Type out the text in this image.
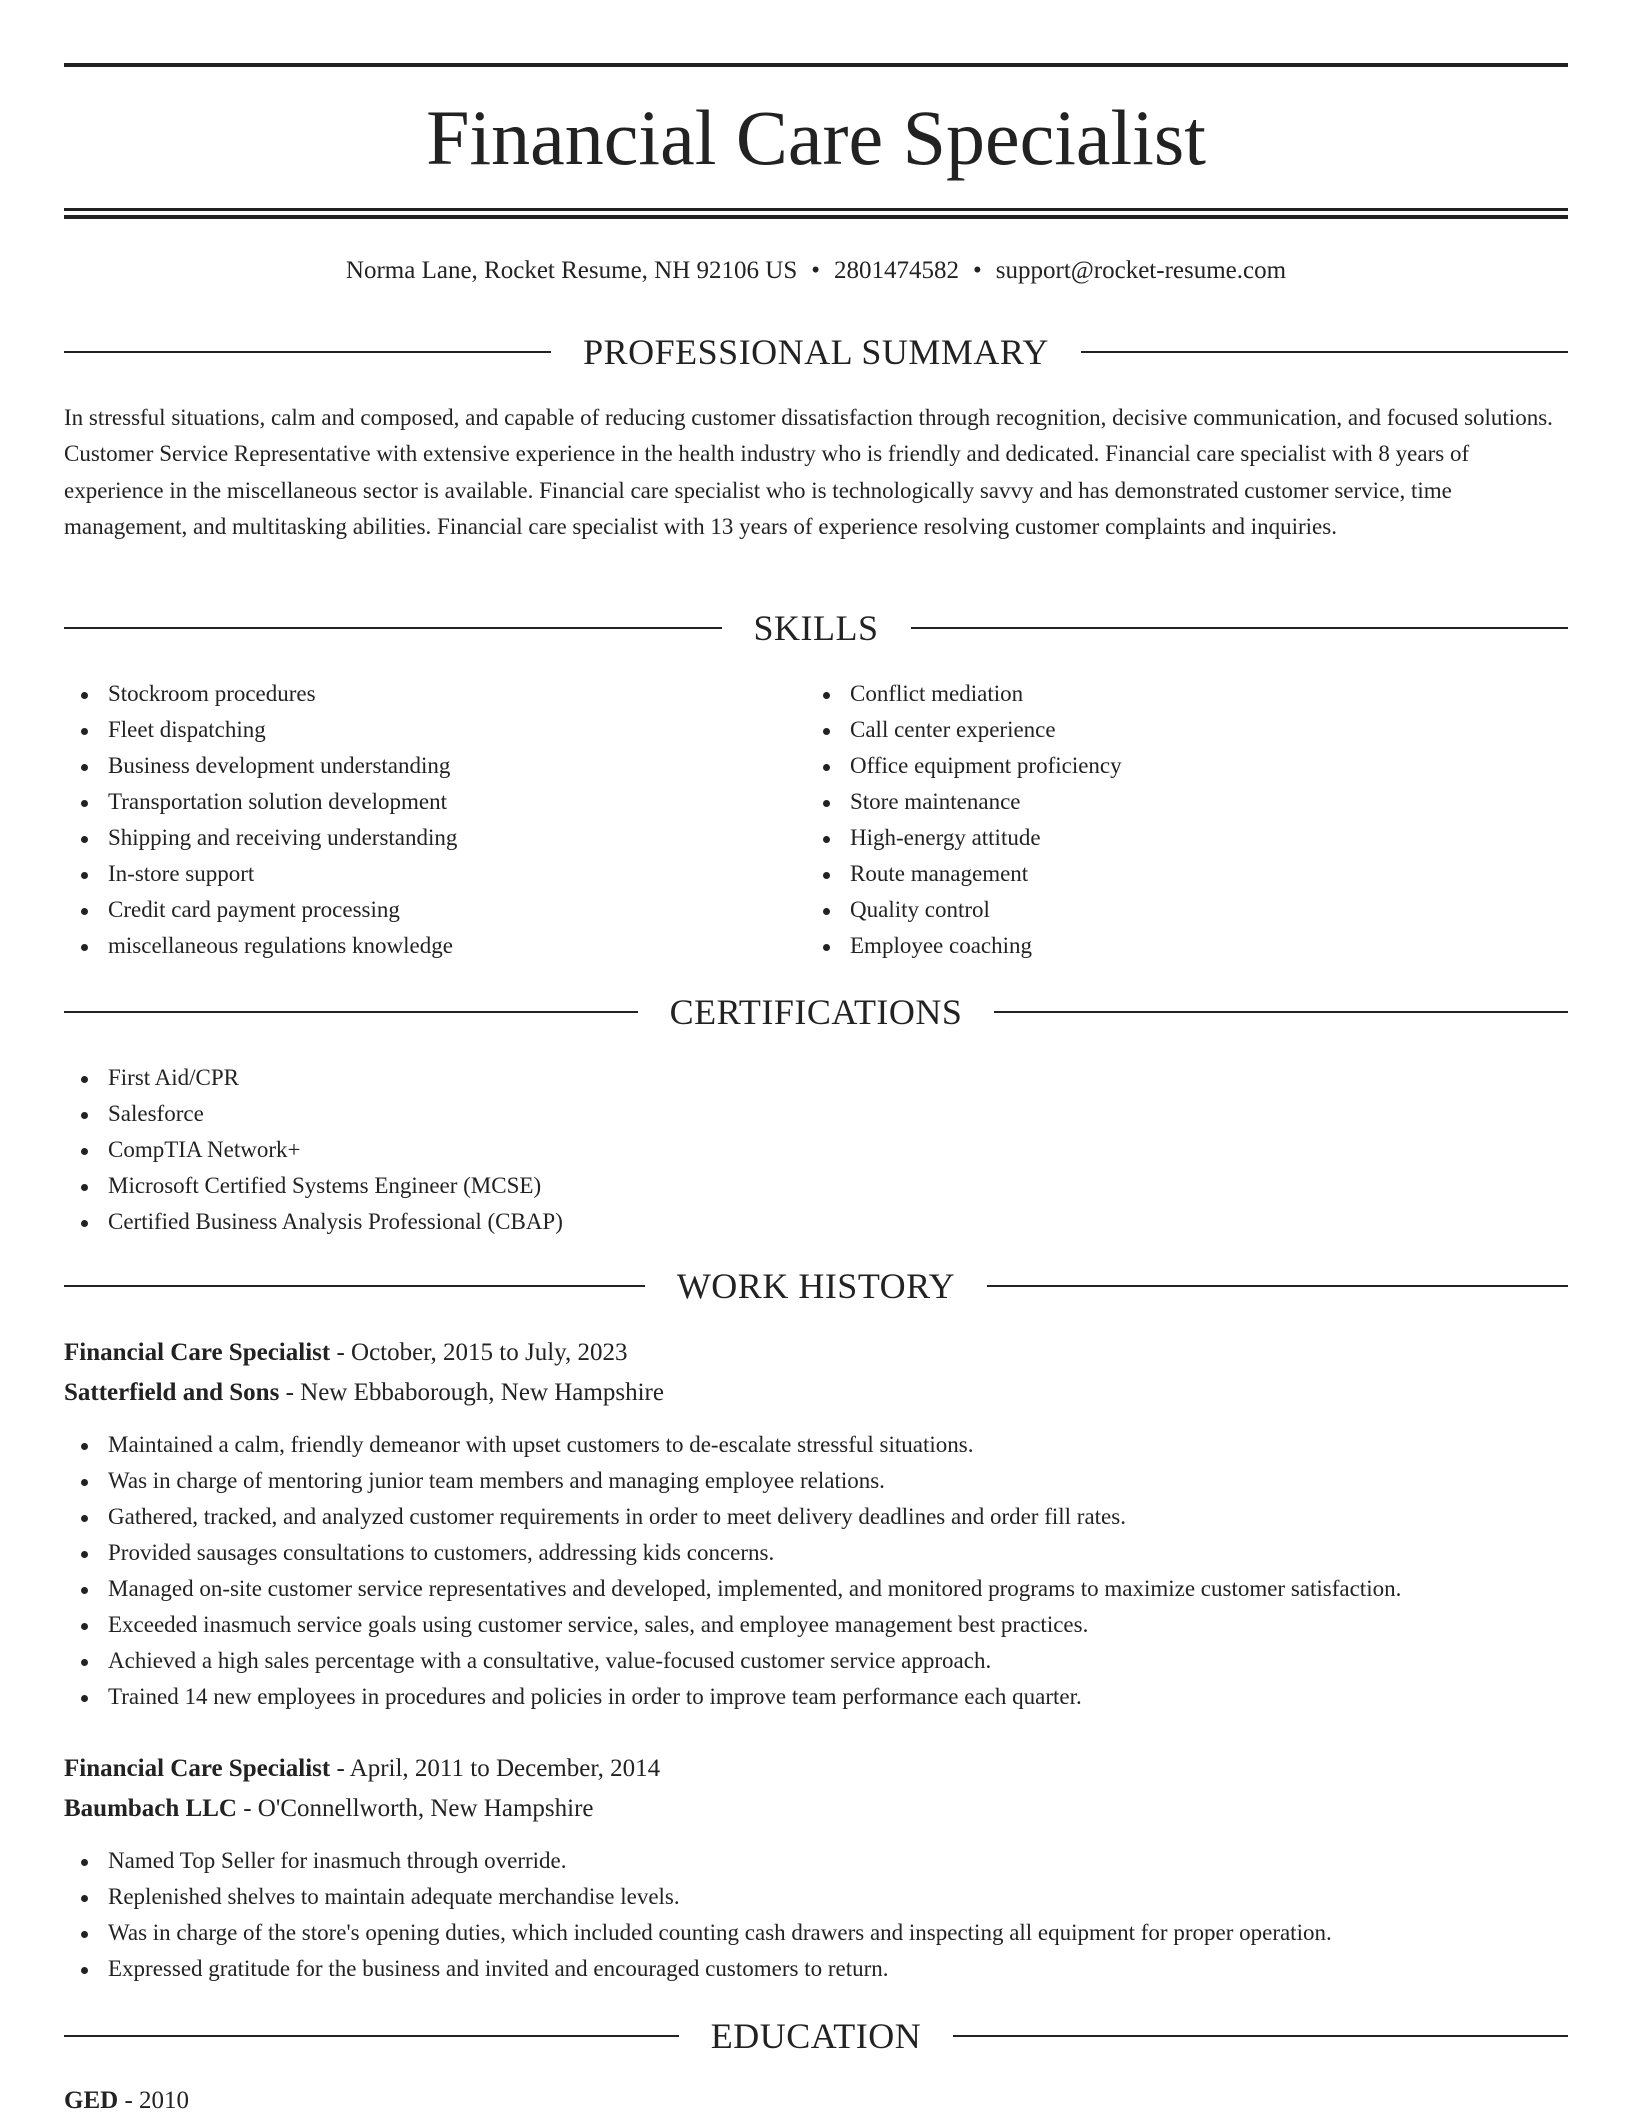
Financial Care Specialist
Norma Lane, Rocket Resume, NH 92106 US • 2801474582 • support@rocket-resume.com
PROFESSIONAL SUMMARY

In stressful situations, calm and composed, and capable of reducing customer dissatisfaction through recognition, decisive communication, and focused solutions. Customer Service Representative with extensive experience in the health industry who is friendly and dedicated. Financial care specialist with 8 years of experience in the miscellaneous sector is available. Financial care specialist who is technologically savvy and has demonstrated customer service, time management, and multitasking abilities. Financial care specialist with 13 years of experience resolving customer complaints and inquiries.

SKILLS
Stockroom procedures
Fleet dispatching
Business development understanding
Transportation solution development
Shipping and receiving understanding
In-store support
Credit card payment processing
miscellaneous regulations knowledge
Conflict mediation
Call center experience
Office equipment proficiency
Store maintenance
High-energy attitude
Route management
Quality control
Employee coaching
CERTIFICATIONS
First Aid/CPR
Salesforce
CompTIA Network+
Microsoft Certified Systems Engineer (MCSE)
Certified Business Analysis Professional (CBAP)
WORK HISTORY
Financial Care Specialist - October, 2015 to July, 2023
Satterfield and Sons - New Ebbaborough, New Hampshire
Maintained a calm, friendly demeanor with upset customers to de-escalate stressful situations.
Was in charge of mentoring junior team members and managing employee relations.
Gathered, tracked, and analyzed customer requirements in order to meet delivery deadlines and order fill rates.
Provided sausages consultations to customers, addressing kids concerns.
Managed on-site customer service representatives and developed, implemented, and monitored programs to maximize customer satisfaction.
Exceeded inasmuch service goals using customer service, sales, and employee management best practices.
Achieved a high sales percentage with a consultative, value-focused customer service approach.
Trained 14 new employees in procedures and policies in order to improve team performance each quarter.
Financial Care Specialist - April, 2011 to December, 2014
Baumbach LLC - O'Connellworth, New Hampshire
Named Top Seller for inasmuch through override.
Replenished shelves to maintain adequate merchandise levels.
Was in charge of the store's opening duties, which included counting cash drawers and inspecting all equipment for proper operation.
Expressed gratitude for the business and invited and encouraged customers to return.
EDUCATION
GED - 2010
